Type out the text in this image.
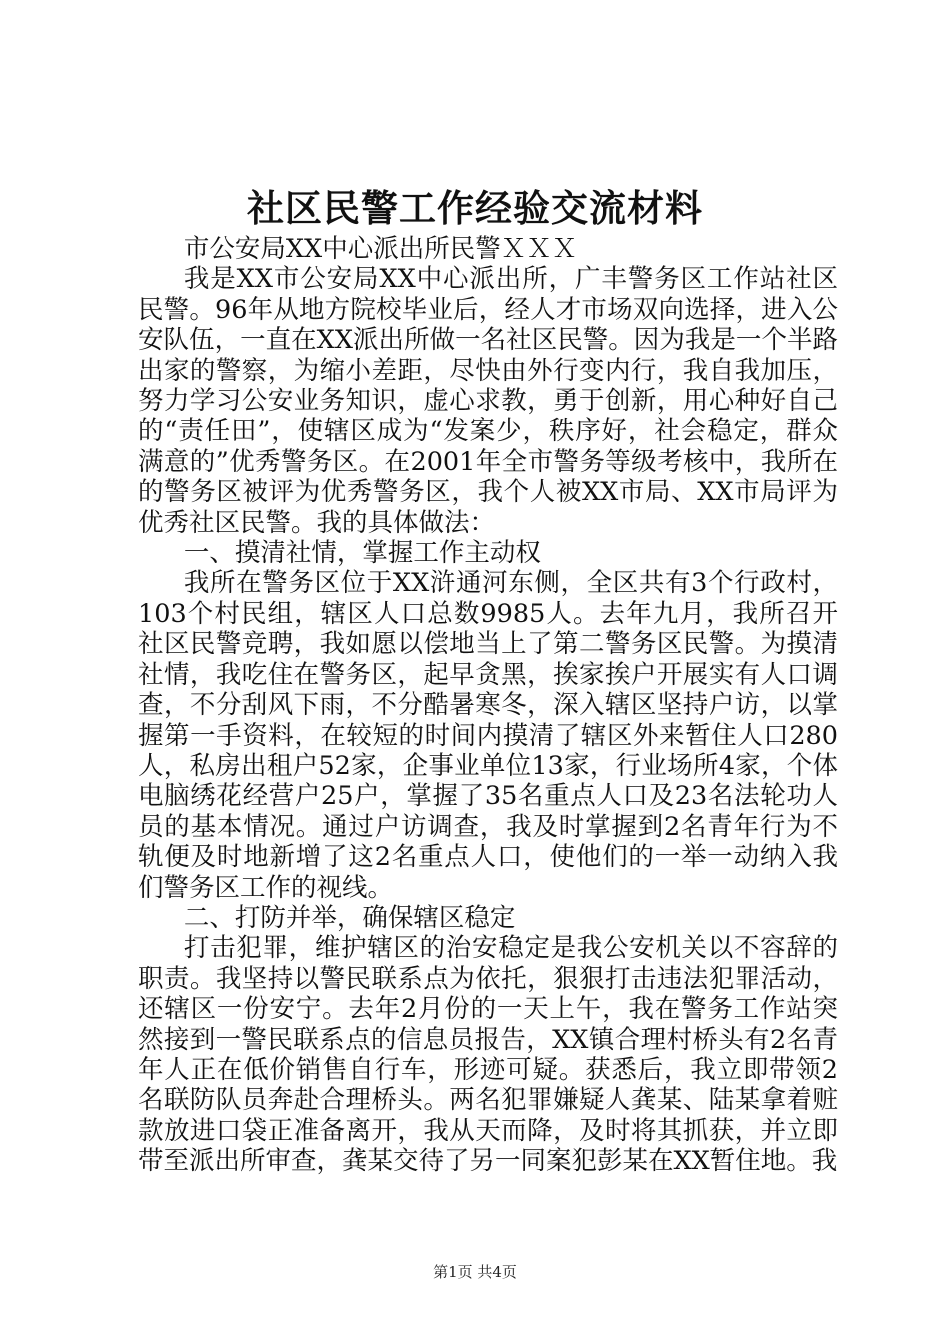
社区民警工作经验交流材料

市公安局XX中心派出所民警ＸＸＸ

我是XX市公安局XX中心派出所，广丰警务区工作站社区民警。96年从地方院校毕业后，经人才市场双向选择，进入公安队伍，一直在XX派出所做一名社区民警。因为我是一个半路出家的警察，为缩小差距，尽快由外行变内行，我自我加压，努力学习公安业务知识，虚心求教，勇于创新，用心种好自己的“责任田”，使辖区成为“发案少，秩序好，社会稳定，群众满意的”优秀警务区。在2001年全市警务等级考核中，我所在的警务区被评为优秀警务区，我个人被XX市局、XX市局评为优秀社区民警。我的具体做法：

一、摸清社情，掌握工作主动权

我所在警务区位于XX浒通河东侧，全区共有3个行政村，103个村民组，辖区人口总数9985人。去年九月，我所召开社区民警竞聘，我如愿以偿地当上了第二警务区民警。为摸清社情，我吃住在警务区，起早贪黑，挨家挨户开展实有人口调查，不分刮风下雨，不分酷暑寒冬，深入辖区坚持户访，以掌握第一手资料，在较短的时间内摸清了辖区外来暂住人口280人，私房出租户52家，企事业单位13家，行业场所4家，个体电脑绣花经营户25户，掌握了35名重点人口及23名法轮功人员的基本情况。通过户访调查，我及时掌握到2名青年行为不轨便及时地新增了这2名重点人口，使他们的一举一动纳入我们警务区工作的视线。

二、打防并举，确保辖区稳定

打击犯罪，维护辖区的治安稳定是我公安机关以不容辞的职责。我坚持以警民联系点为依托，狠狠打击违法犯罪活动，还辖区一份安宁。去年2月份的一天上午，我在警务工作站突然接到一警民联系点的信息员报告，XX镇合理村桥头有2名青年人正在低价销售自行车，形迹可疑。获悉后，我立即带领2名联防队员奔赴合理桥头。两名犯罪嫌疑人龚某、陆某拿着赃款放进口袋正准备离开，我从天而降，及时将其抓获，并立即带至派出所审查，龚某交待了另一同案犯彭某在XX暂住地。我

第1页 共4页
